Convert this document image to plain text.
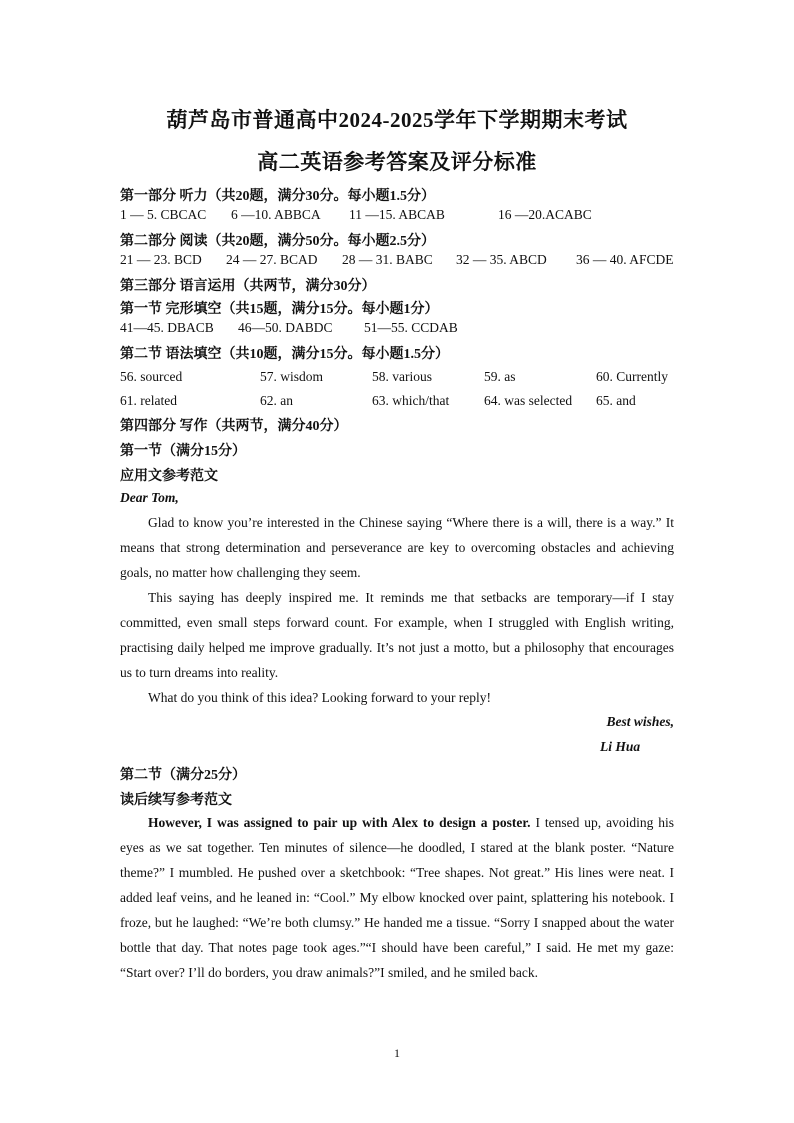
葫芦岛市普通高中2024-2025学年下学期期末考试
高二英语参考答案及评分标准
第一部分 听力（共20题，满分30分。每小题1.5分）
1 — 5. CBCAC 6 —10. ABBCA 11 —15. ABCAB	16 —20.ACABC
第二部分 阅读（共20题，满分50分。每小题2.5分）
21 — 23. BCD 24 — 27. BCAD 28 — 31. BABC 32 — 35. ABCD 36 — 40. AFCDE
第三部分 语言运用（共两节，满分30分）
第一节 完形填空（共15题，满分15分。每小题1分）
41—45. DBACB 46—50. DABDC 51—55. CCDAB
第二节 语法填空（共10题，满分15分。每小题1.5分）
56. sourced	57. wisdom	58. various	59. as	60. Currently
61. related	62. an	63. which/that	64. was selected 65. and
第四部分 写作（共两节，满分40分）
第一节（满分15分）
应用文参考范文
Dear Tom,

Glad to know you’re interested in the Chinese saying “Where there is a will, there is a way.” It means that strong determination and perseverance are key to overcoming obstacles and achieving goals, no matter how challenging they seem.

This saying has deeply inspired me. It reminds me that setbacks are temporary—if I stay committed, even small steps forward count. For example, when I struggled with English writing, practising daily helped me improve gradually. It’s not just a motto, but a philosophy that encourages us to turn dreams into reality.

What do you think of this idea? Looking forward to your reply!

Best wishes,
Li Hua
第二节（满分25分）
读后续写参考范文

However, I was assigned to pair up with Alex to design a poster. I tensed up, avoiding his eyes as we sat together. Ten minutes of silence—he doodled, I stared at the blank poster. “Nature theme?” I mumbled. He pushed over a sketchbook: “Tree shapes. Not great.” His lines were neat. I added leaf veins, and he leaned in: “Cool.” My elbow knocked over paint, splattering his notebook. I froze, but he laughed: “We’re both clumsy.” He handed me a tissue. “Sorry I snapped about the water bottle that day. That notes page took ages.”“I should have been careful,” I said. He met my gaze: “Start over? I’ll do borders, you draw animals?”I smiled, and he smiled back.

1
